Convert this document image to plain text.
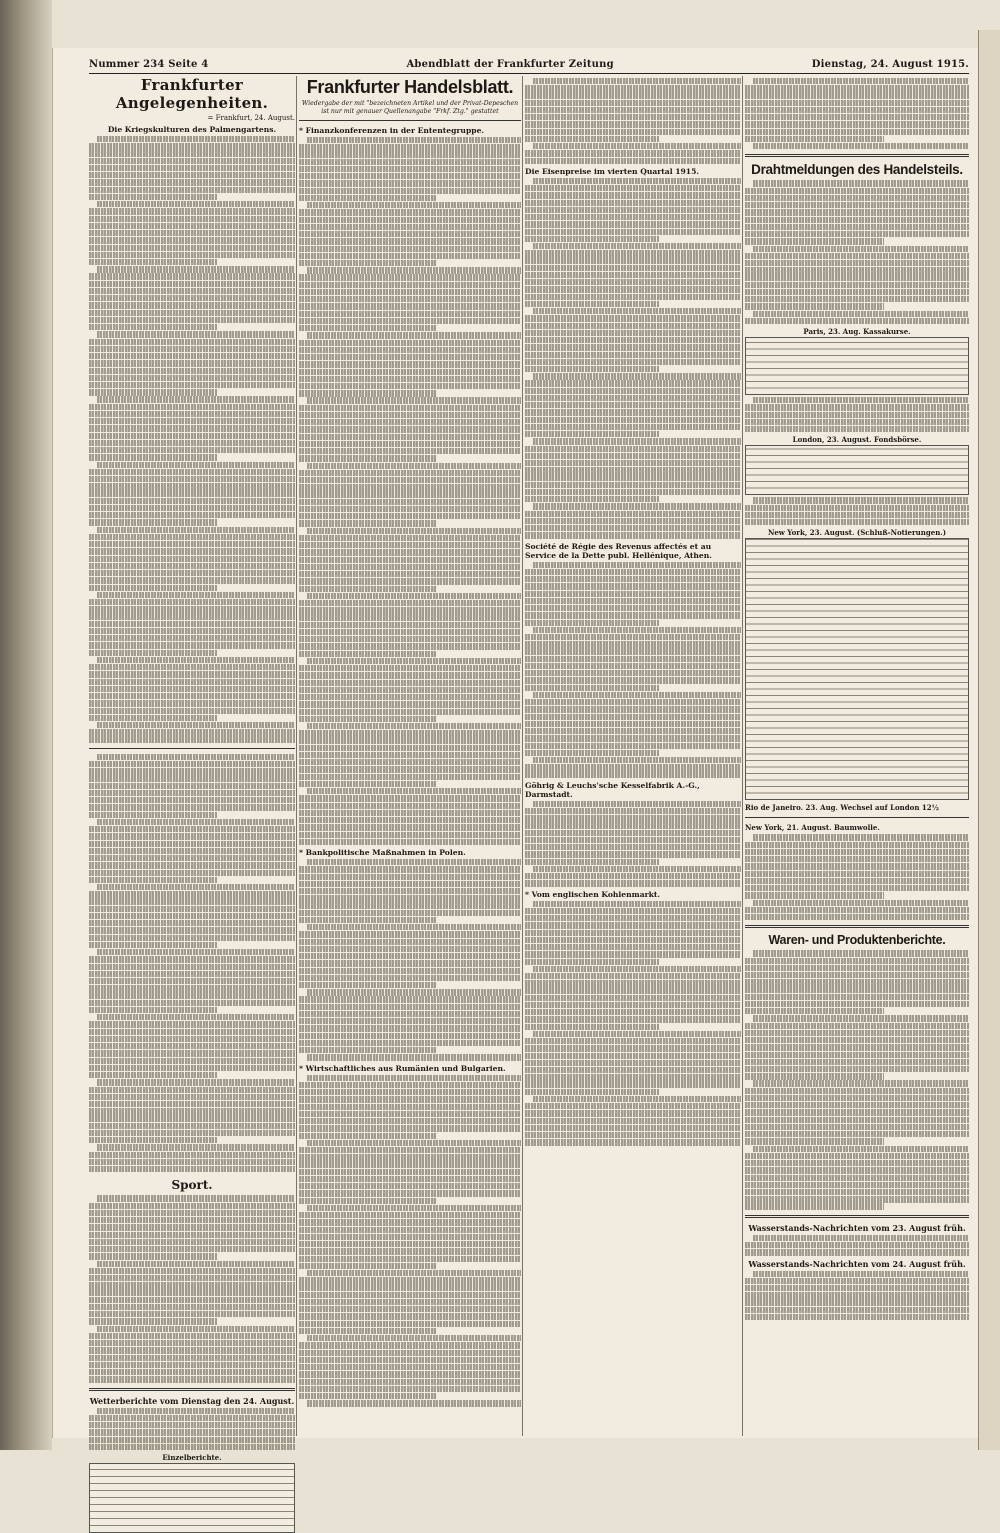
Nummer 234 Seite 4	Abendblatt der Frankfurter Zeitung	Dienstag, 24. August 1915.
Frankfurter Angelegenheiten.
= Frankfurt, 24. August.
Die Kriegskulturen des Palmengartens.
Sport.
Wetterberichte vom Dienstag den 24. August.
Einzelberichte.
Frankfurter Handelsblatt.
Wiedergabe der mit "bezeichneten Artikel und der Privat-Depeschen ist nur mit genauer Quellenangabe "Frkf. Ztg." gestattet
* Finanzkonferenzen in der Ententegruppe.
* Bankpolitische Maßnahmen in Polen.
* Wirtschaftliches aus Rumänien und Bulgarien.
Die Eisenpreise im vierten Quartal 1915.
Société de Régie des Revenus affectés et au Service de la Dette publ. Hellénique, Athen.
Göhrig & Leuchs'sche Kesselfabrik A.-G., Darmstadt.
* Vom englischen Kohlenmarkt.
Drahtmeldungen des Handelsteils.
Paris, 23. Aug. Kassakurse.
London, 23. August. Fondsbörse.
New York, 23. August. (Schluß-Notierungen.)
Rio de Janeiro. 23. Aug. Wechsel auf London 12½
New York, 21. August. Baumwolle.
Waren- und Produktenberichte.
Wasserstands-Nachrichten vom 23. August früh.
Wasserstands-Nachrichten vom 24. August früh.
